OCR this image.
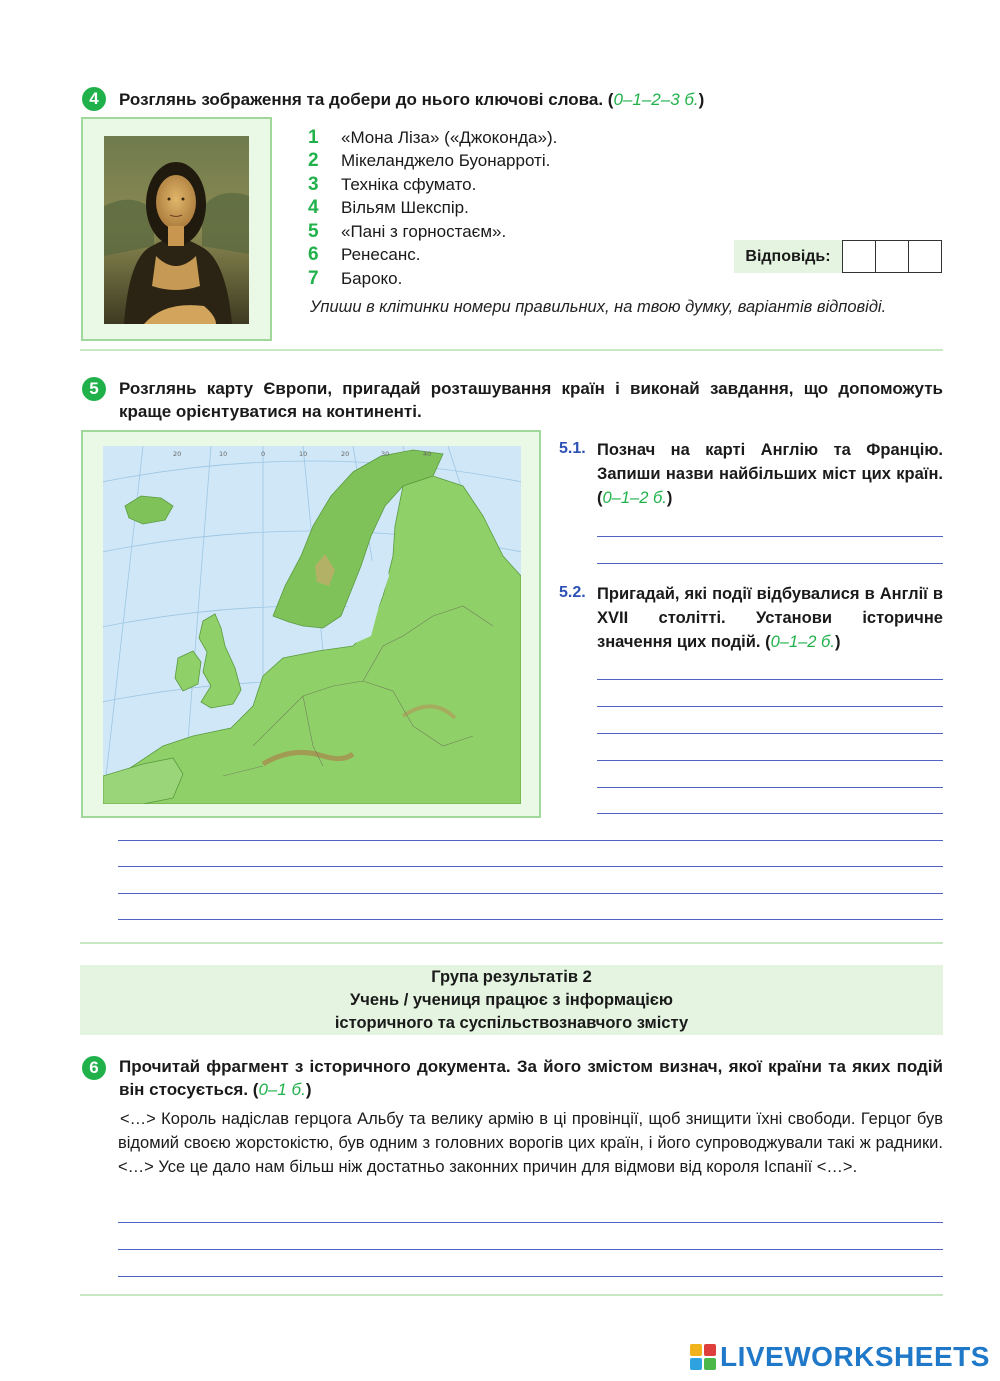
4	Розглянь зображення та добери до нього ключові слова. (0–1–2–3 б.)
1	«Мона Ліза» («Джоконда»).
2	Мікеланджело Буонарроті.
3	Техніка сфумато.
4	Вільям Шекспір.
5	«Пані з горностаєм».
6	Ренесанс.
7	Бароко.
Відповідь:
Упиши в клітинки номери правильних, на твою думку, варіантів відповіді.
5	Розглянь карту Європи, пригадай розташування країн і виконай завдання, що допоможуть краще орієнтуватися на континенті.
20	10	0	10	20	30	40	5.1. Познач на карті Англію та Францію. Запиши назви найбільших міст цих країн. (0–1–2 б.)
5.2. Пригадай, які події відбувалися в Англії в XVII столітті. Установи історичне значення цих подій. (0–1–2 б.)
Група результатів 2
Учень / учениця працює з інформацією
історичного та суспільствознавчого змісту
6	Прочитай фрагмент з історичного документа. За його змістом визнач, якої країни та яких подій він стосується. (0–1 б.)
<…> Король надіслав герцога Альбу та велику армію в ці провінції, щоб знищити їхні свободи. Герцог був відомий своєю жорстокістю, був одним з головних ворогів цих країн, і його супроводжували такі ж радники. <…> Усе це дало нам більш ніж достатньо законних причин для відмови від короля Іспанії <…>.
LIVEWORKSHEETS
